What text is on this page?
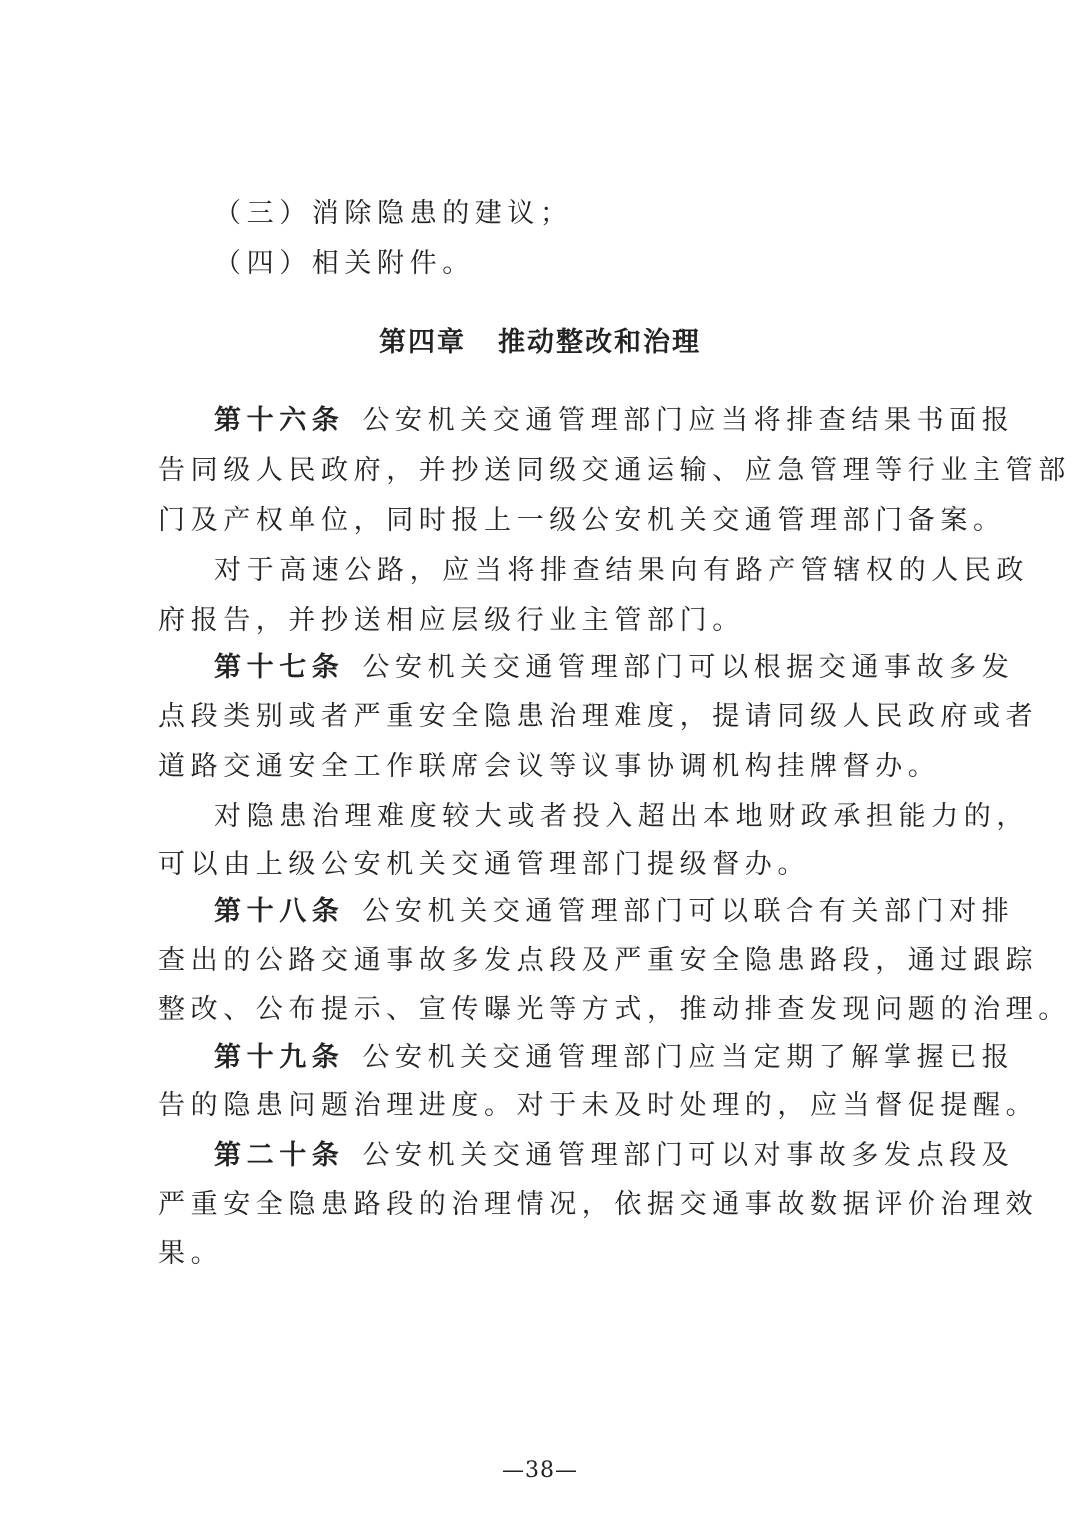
（三）消除隐患的建议；
（四）相关附件。
第四章 推动整改和治理
第十六条 公安机关交通管理部门应当将排查结果书面报
告同级人民政府，并抄送同级交通运输、应急管理等行业主管部
门及产权单位，同时报上一级公安机关交通管理部门备案。
对于高速公路，应当将排查结果向有路产管辖权的人民政
府报告，并抄送相应层级行业主管部门。
第十七条 公安机关交通管理部门可以根据交通事故多发
点段类别或者严重安全隐患治理难度，提请同级人民政府或者
道路交通安全工作联席会议等议事协调机构挂牌督办。
对隐患治理难度较大或者投入超出本地财政承担能力的，
可以由上级公安机关交通管理部门提级督办。
第十八条 公安机关交通管理部门可以联合有关部门对排
查出的公路交通事故多发点段及严重安全隐患路段，通过跟踪
整改、公布提示、宣传曝光等方式，推动排查发现问题的治理。
第十九条 公安机关交通管理部门应当定期了解掌握已报
告的隐患问题治理进度。对于未及时处理的，应当督促提醒。
第二十条 公安机关交通管理部门可以对事故多发点段及
严重安全隐患路段的治理情况，依据交通事故数据评价治理效
果。
—38—
